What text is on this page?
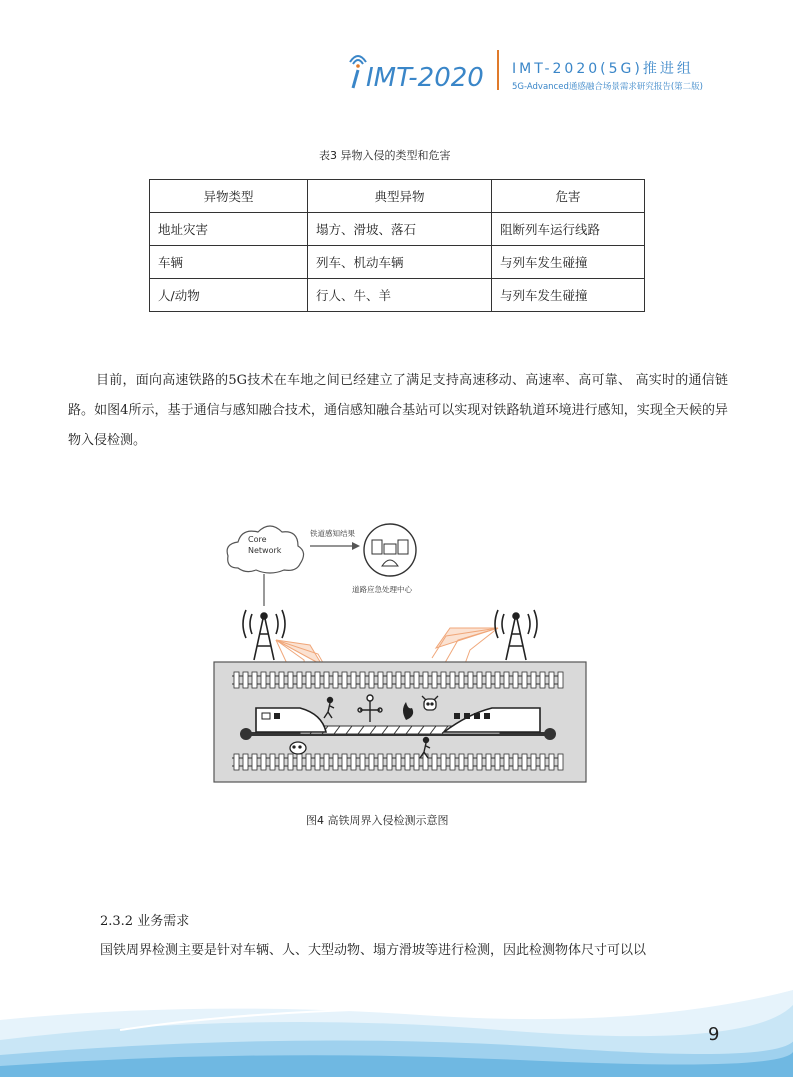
IMT-2020 IMT-2020(5G)推进组
5G-Advanced通感融合场景需求研究报告(第二版)
表3 异物入侵的类型和危害
异物类型	典型异物	危害
地址灾害	塌方、滑坡、落石	阻断列车运行线路
车辆	列车、机动车辆	与列车发生碰撞
人/动物	行人、牛、羊	与列车发生碰撞
目前，面向高速铁路的5G技术在车地之间已经建立了满足支持高速移动、高速率、高可靠、 高实时的通信链路。如图4所示，基于通信与感知融合技术，通信感知融合基站可以实现对铁路轨道环境进行感知，实现全天候的异物入侵检测。
Core
Network
铁道感知结果
道路应急处理中心
图4 高铁周界入侵检测示意图
2.3.2 业务需求
国铁周界检测主要是针对车辆、人、大型动物、塌方滑坡等进行检测，因此检测物体尺寸可以以
9
